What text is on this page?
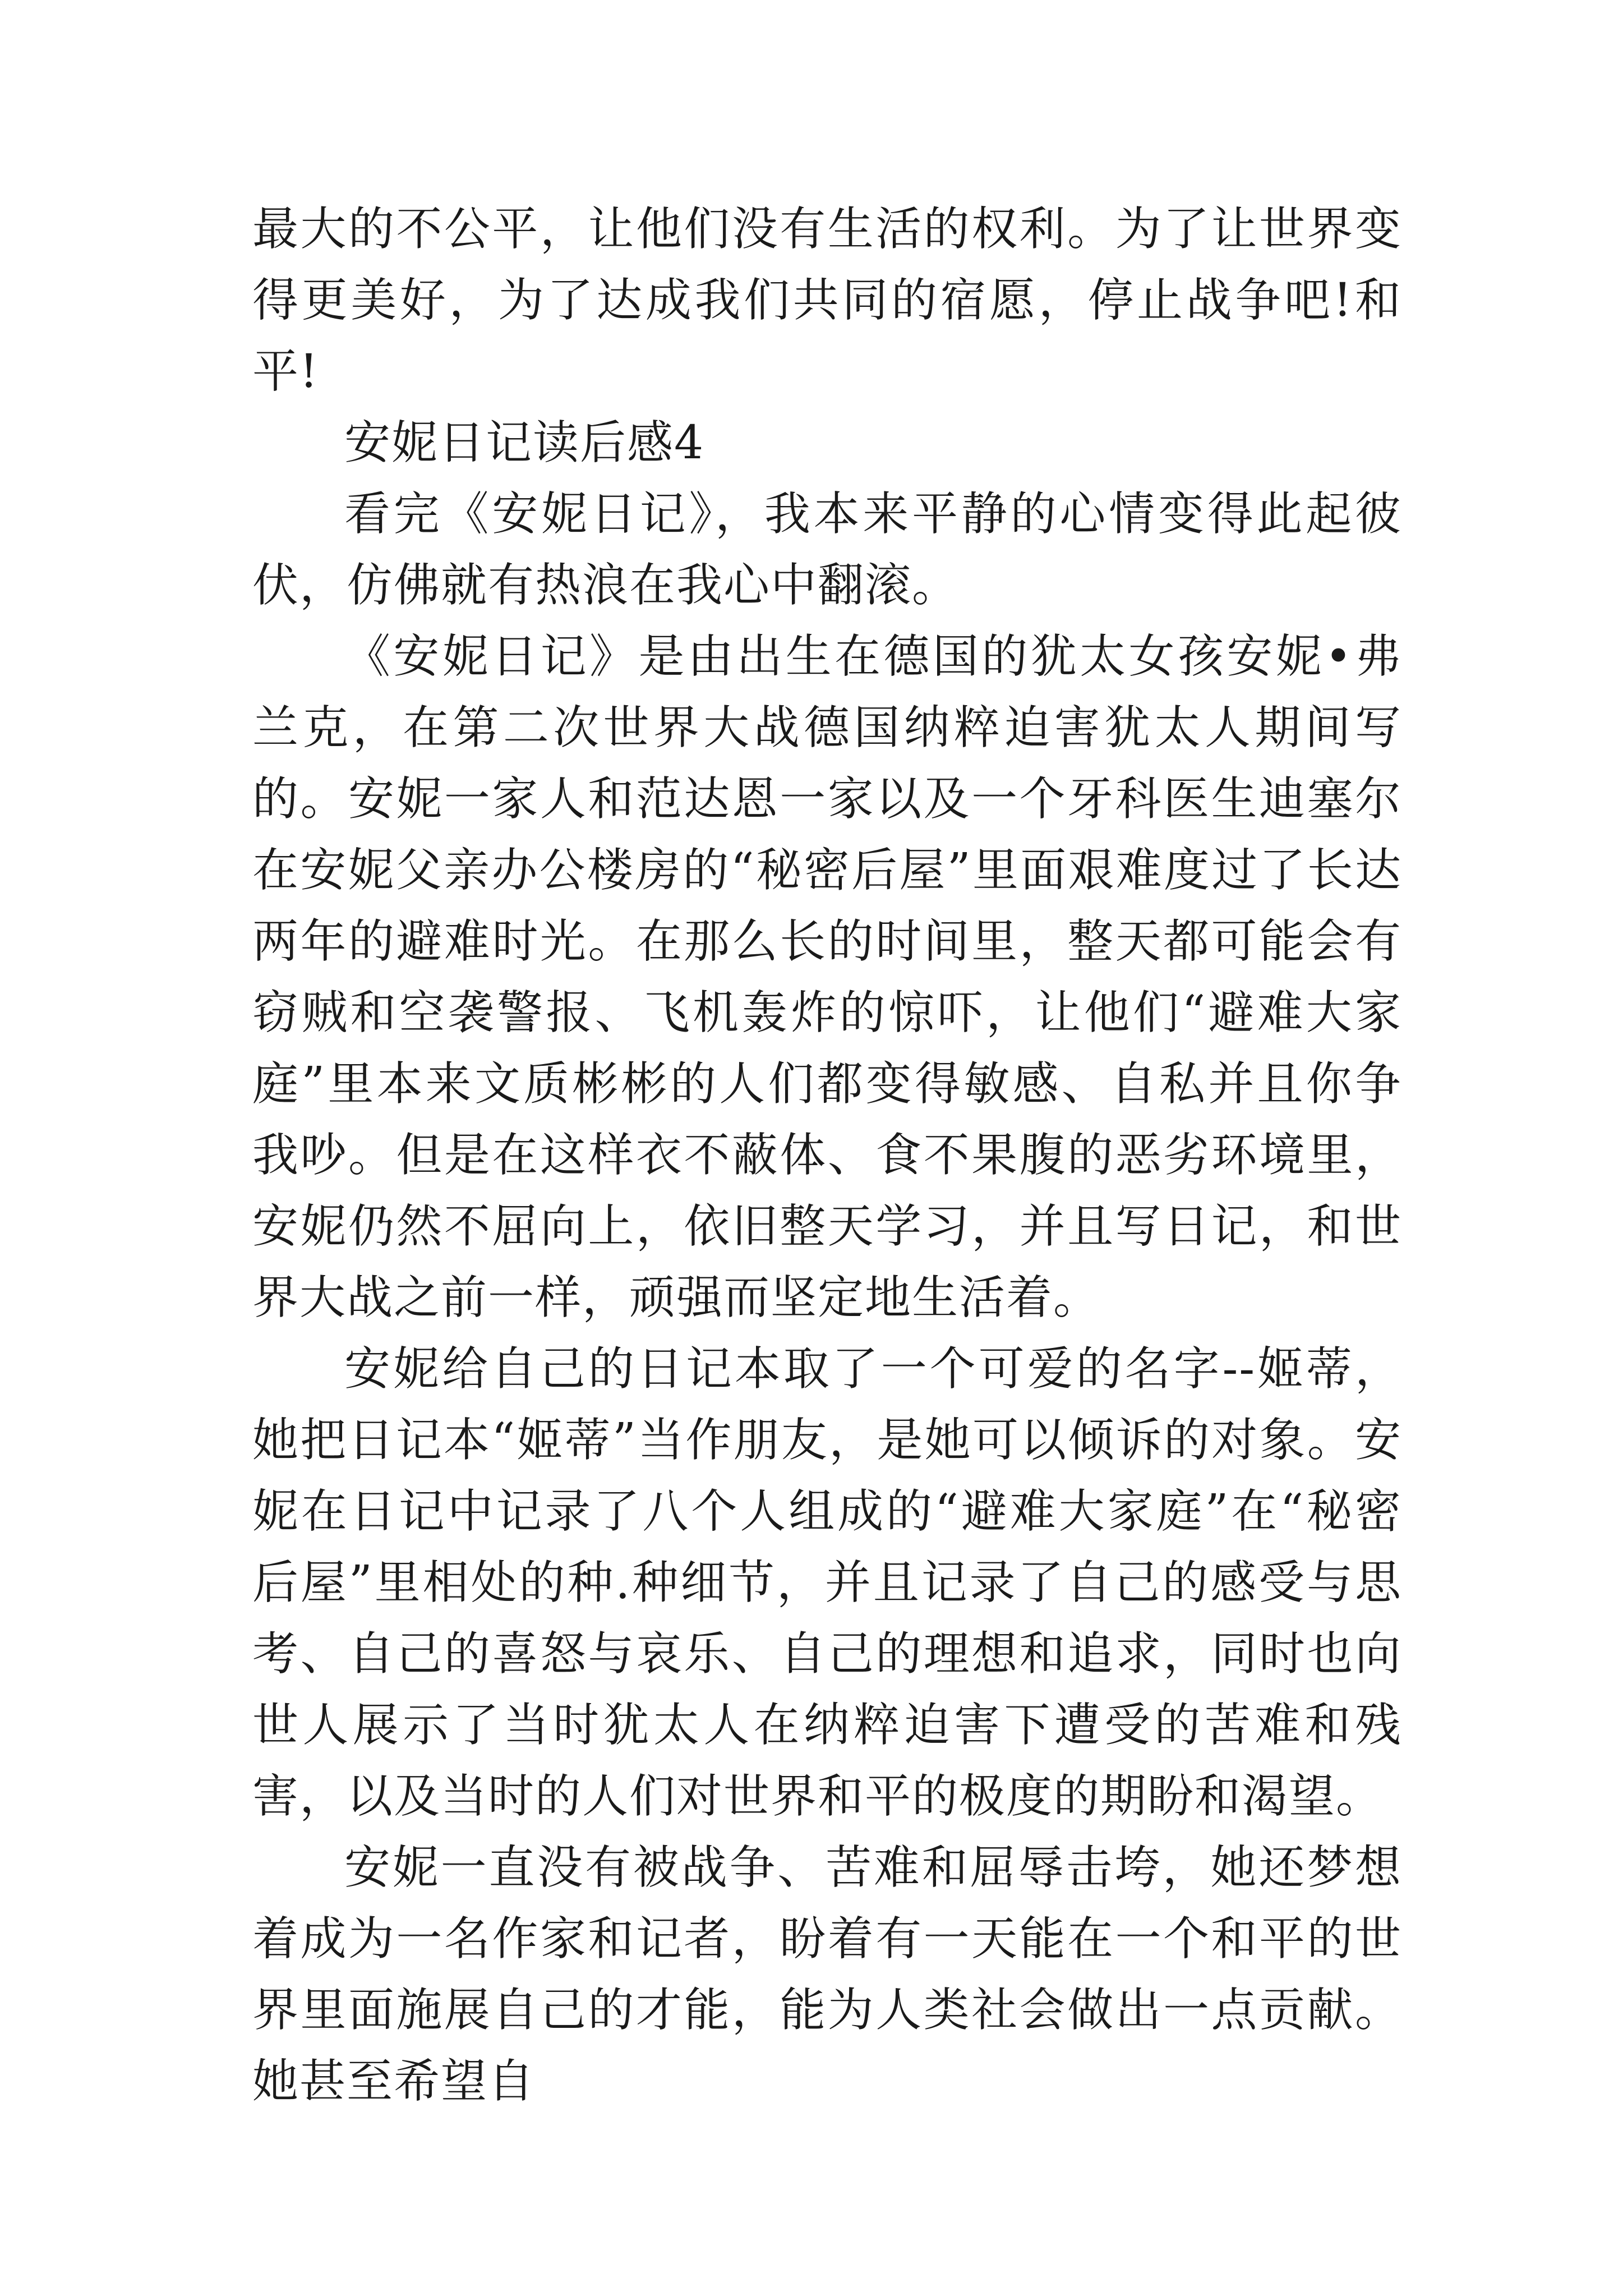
最大的不公平，让他们没有生活的权利。为了让世界变得更美好，为了达成我们共同的宿愿，停止战争吧!和平!

安妮日记读后感4

看完《安妮日记》，我本来平静的心情变得此起彼伏，仿佛就有热浪在我心中翻滚。

《安妮日记》是由出生在德国的犹太女孩安妮•弗兰克，在第二次世界大战德国纳粹迫害犹太人期间写的。安妮一家人和范达恩一家以及一个牙科医生迪塞尔在安妮父亲办公楼房的“秘密后屋”里面艰难度过了长达两年的避难时光。在那么长的时间里，整天都可能会有窃贼和空袭警报、飞机轰炸的惊吓，让他们“避难大家庭”里本来文质彬彬的人们都变得敏感、自私并且你争我吵。但是在这样衣不蔽体、食不果腹的恶劣环境里，安妮仍然不屈向上，依旧整天学习，并且写日记，和世界大战之前一样，顽强而坚定地生活着。

安妮给自己的日记本取了一个可爱的名字--姬蒂，她把日记本“姬蒂”当作朋友，是她可以倾诉的对象。安妮在日记中记录了八个人组成的“避难大家庭”在“秘密后屋”里相处的种.种细节，并且记录了自己的感受与思考、自己的喜怒与哀乐、自己的理想和追求，同时也向世人展示了当时犹太人在纳粹迫害下遭受的苦难和残害，以及当时的人们对世界和平的极度的期盼和渴望。

安妮一直没有被战争、苦难和屈辱击垮，她还梦想着成为一名作家和记者，盼着有一天能在一个和平的世界里面施展自己的才能，能为人类社会做出一点贡献。她甚至希望自
